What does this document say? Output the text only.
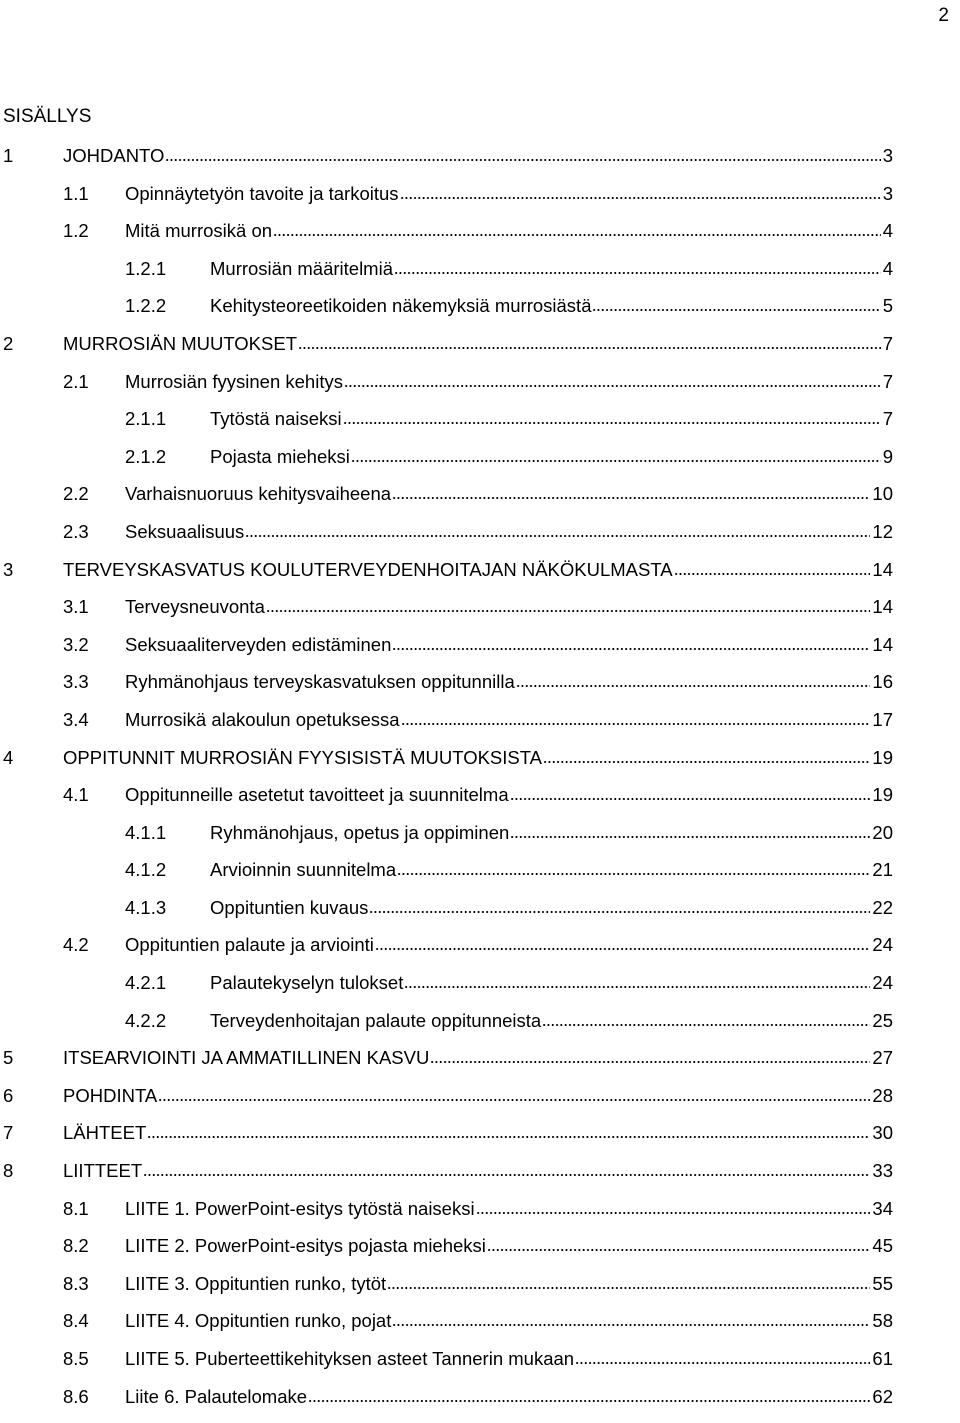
2
SISÄLLYS
1	JOHDANTO	3
1.1 Opinnäytetyön tavoite ja tarkoitus	3
1.2 Mitä murrosikä on	4
1.2.1 Murrosiän määritelmiä	4
1.2.2 Kehitysteoreetikoiden näkemyksiä murrosiästä	5
2	MURROSIÄN MUUTOKSET	7
2.1 Murrosiän fyysinen kehitys	7
2.1.1 Tytöstä naiseksi	7
2.1.2 Pojasta mieheksi	9
2.2 Varhaisnuoruus kehitysvaiheena	10
2.3 Seksuaalisuus	12
3	TERVEYSKASVATUS KOULUTERVEYDENHOITAJAN NÄKÖKULMASTA	14
3.1 Terveysneuvonta	14
3.2 Seksuaaliterveyden edistäminen	14
3.3 Ryhmänohjaus terveyskasvatuksen oppitunnilla	16
3.4 Murrosikä alakoulun opetuksessa	17
4	OPPITUNNIT MURROSIÄN FYYSISISTÄ MUUTOKSISTA	19
4.1 Oppitunneille asetetut tavoitteet ja suunnitelma	19
4.1.1 Ryhmänohjaus, opetus ja oppiminen	20
4.1.2 Arvioinnin suunnitelma	21
4.1.3 Oppituntien kuvaus	22
4.2 Oppituntien palaute ja arviointi	24
4.2.1 Palautekyselyn tulokset	24
4.2.2 Terveydenhoitajan palaute oppitunneista	25
5	ITSEARVIOINTI JA AMMATILLINEN KASVU	27
6	POHDINTA	28
7	LÄHTEET	30
8	LIITTEET	33
8.1 LIITE 1. PowerPoint-esitys tytöstä naiseksi	34
8.2 LIITE 2. PowerPoint-esitys pojasta mieheksi	45
8.3 LIITE 3. Oppituntien runko, tytöt	55
8.4 LIITE 4. Oppituntien runko, pojat	58
8.5 LIITE 5. Puberteettikehityksen asteet Tannerin mukaan	61
8.6 Liite 6. Palautelomake	62
